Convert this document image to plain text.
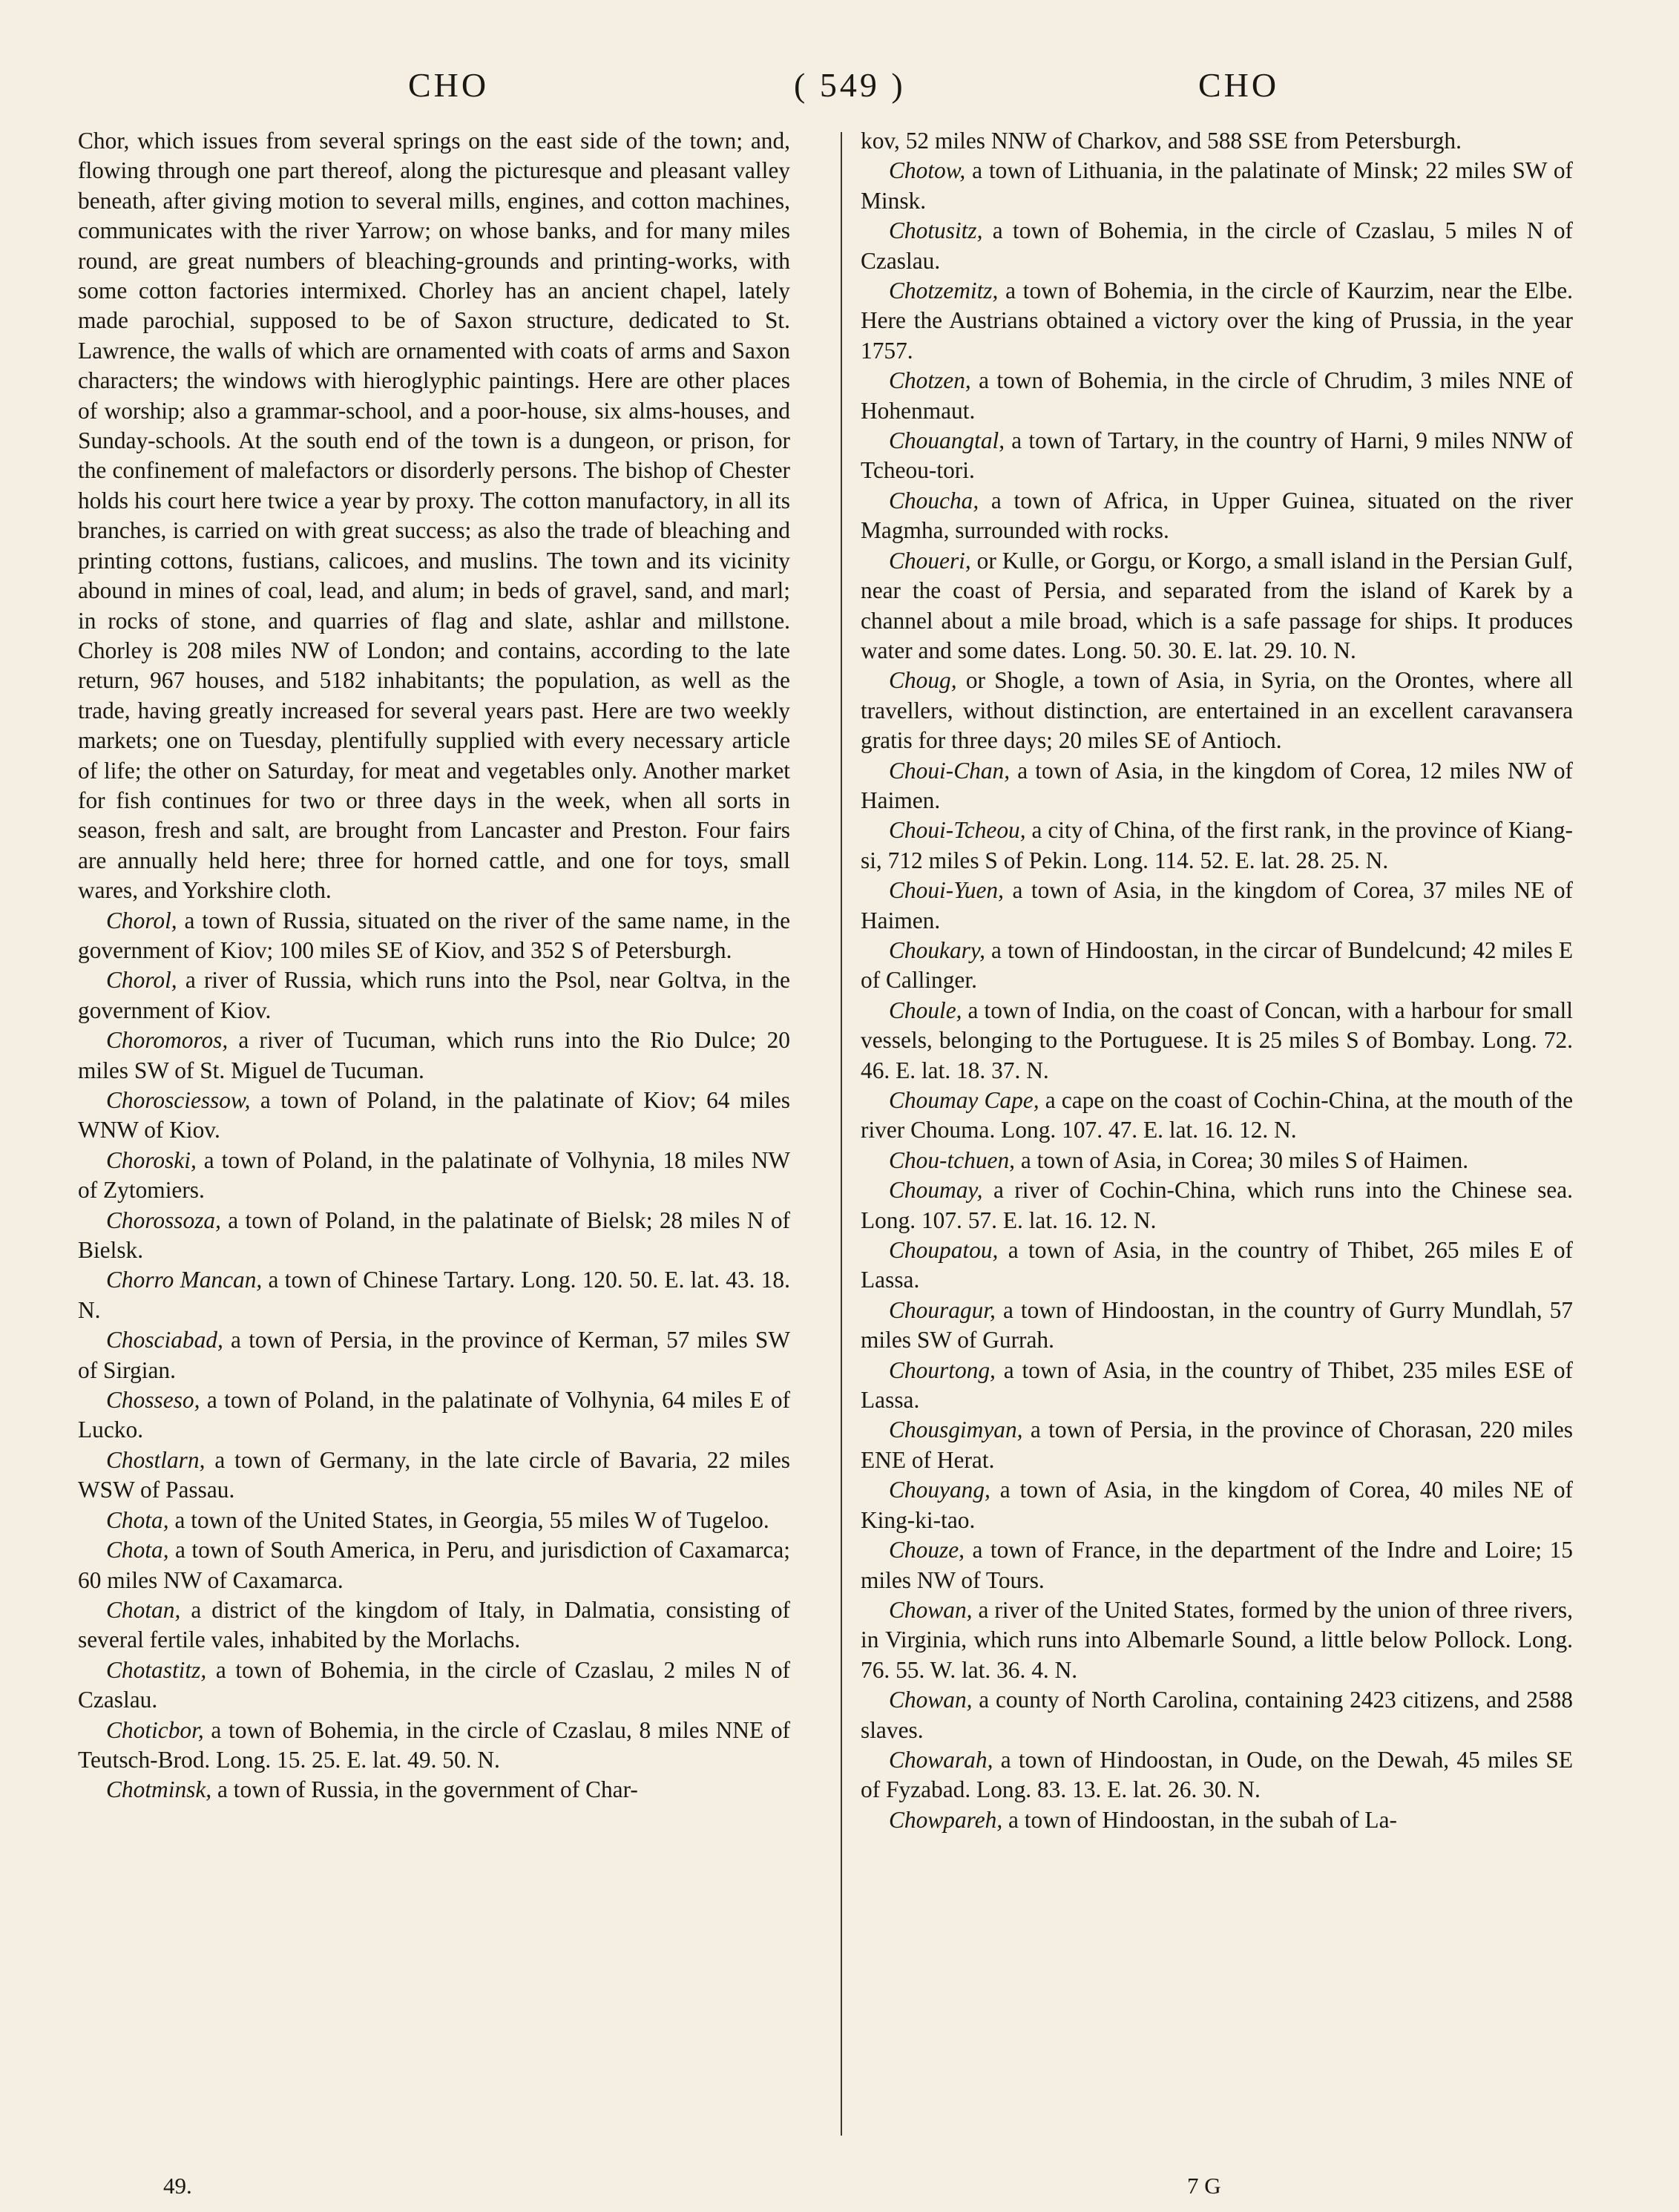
CHO	( 549 )	CHO

Chor, which issues from several springs on the east side of the town; and, flowing through one part thereof, along the picturesque and pleasant valley beneath, after giving motion to several mills, engines, and cotton machines, communicates with the river Yarrow; on whose banks, and for many miles round, are great numbers of bleaching-grounds and printing-works, with some cotton factories intermixed. Chorley has an ancient chapel, lately made parochial, supposed to be of Saxon structure, dedicated to St. Lawrence, the walls of which are ornamented with coats of arms and Saxon characters; the windows with hieroglyphic paintings. Here are other places of worship; also a grammar-school, and a poor-house, six alms-houses, and Sunday-schools. At the south end of the town is a dungeon, or prison, for the confinement of malefactors or disorderly persons. The bishop of Chester holds his court here twice a year by proxy. The cotton manufactory, in all its branches, is carried on with great success; as also the trade of bleaching and printing cottons, fustians, calicoes, and muslins. The town and its vicinity abound in mines of coal, lead, and alum; in beds of gravel, sand, and marl; in rocks of stone, and quarries of flag and slate, ashlar and millstone. Chorley is 208 miles NW of London; and contains, according to the late return, 967 houses, and 5182 inhabitants; the population, as well as the trade, having greatly increased for several years past. Here are two weekly markets; one on Tuesday, plentifully supplied with every necessary article of life; the other on Saturday, for meat and vegetables only. Another market for fish continues for two or three days in the week, when all sorts in season, fresh and salt, are brought from Lancaster and Preston. Four fairs are annually held here; three for horned cattle, and one for toys, small wares, and Yorkshire cloth.

Chorol, a town of Russia, situated on the river of the same name, in the government of Kiov; 100 miles SE of Kiov, and 352 S of Petersburgh.

Chorol, a river of Russia, which runs into the Psol, near Goltva, in the government of Kiov.

Choromoros, a river of Tucuman, which runs into the Rio Dulce; 20 miles SW of St. Miguel de Tucuman.

Chorosciessow, a town of Poland, in the palatinate of Kiov; 64 miles WNW of Kiov.

Choroski, a town of Poland, in the palatinate of Volhynia, 18 miles NW of Zytomiers.

Chorossoza, a town of Poland, in the palatinate of Bielsk; 28 miles N of Bielsk.

Chorro Mancan, a town of Chinese Tartary. Long. 120. 50. E. lat. 43. 18. N.

Chosciabad, a town of Persia, in the province of Kerman, 57 miles SW of Sirgian.

Chosseso, a town of Poland, in the palatinate of Volhynia, 64 miles E of Lucko.

Chostlarn, a town of Germany, in the late circle of Bavaria, 22 miles WSW of Passau.

Chota, a town of the United States, in Georgia, 55 miles W of Tugeloo.

Chota, a town of South America, in Peru, and jurisdiction of Caxamarca; 60 miles NW of Caxamarca.

Chotan, a district of the kingdom of Italy, in Dalmatia, consisting of several fertile vales, inhabited by the Morlachs.

Chotastitz, a town of Bohemia, in the circle of Czaslau, 2 miles N of Czaslau.

Choticbor, a town of Bohemia, in the circle of Czaslau, 8 miles NNE of Teutsch-Brod. Long. 15. 25. E. lat. 49. 50. N.

Chotminsk, a town of Russia, in the government of Char-

kov, 52 miles NNW of Charkov, and 588 SSE from Petersburgh.

Chotow, a town of Lithuania, in the palatinate of Minsk; 22 miles SW of Minsk.

Chotusitz, a town of Bohemia, in the circle of Czaslau, 5 miles N of Czaslau.

Chotzemitz, a town of Bohemia, in the circle of Kaurzim, near the Elbe. Here the Austrians obtained a victory over the king of Prussia, in the year 1757.

Chotzen, a town of Bohemia, in the circle of Chrudim, 3 miles NNE of Hohenmaut.

Chouangtal, a town of Tartary, in the country of Harni, 9 miles NNW of Tcheou-tori.

Choucha, a town of Africa, in Upper Guinea, situated on the river Magmha, surrounded with rocks.

Choueri, or Kulle, or Gorgu, or Korgo, a small island in the Persian Gulf, near the coast of Persia, and separated from the island of Karek by a channel about a mile broad, which is a safe passage for ships. It produces water and some dates. Long. 50. 30. E. lat. 29. 10. N.

Choug, or Shogle, a town of Asia, in Syria, on the Orontes, where all travellers, without distinction, are entertained in an excellent caravansera gratis for three days; 20 miles SE of Antioch.

Choui-Chan, a town of Asia, in the kingdom of Corea, 12 miles NW of Haimen.

Choui-Tcheou, a city of China, of the first rank, in the province of Kiang-si, 712 miles S of Pekin. Long. 114. 52. E. lat. 28. 25. N.

Choui-Yuen, a town of Asia, in the kingdom of Corea, 37 miles NE of Haimen.

Choukary, a town of Hindoostan, in the circar of Bundelcund; 42 miles E of Callinger.

Choule, a town of India, on the coast of Concan, with a harbour for small vessels, belonging to the Portuguese. It is 25 miles S of Bombay. Long. 72. 46. E. lat. 18. 37. N.

Choumay Cape, a cape on the coast of Cochin-China, at the mouth of the river Chouma. Long. 107. 47. E. lat. 16. 12. N.

Chou-tchuen, a town of Asia, in Corea; 30 miles S of Haimen.

Choumay, a river of Cochin-China, which runs into the Chinese sea. Long. 107. 57. E. lat. 16. 12. N.

Choupatou, a town of Asia, in the country of Thibet, 265 miles E of Lassa.

Chouragur, a town of Hindoostan, in the country of Gurry Mundlah, 57 miles SW of Gurrah.

Chourtong, a town of Asia, in the country of Thibet, 235 miles ESE of Lassa.

Chousgimyan, a town of Persia, in the province of Chorasan, 220 miles ENE of Herat.

Chouyang, a town of Asia, in the kingdom of Corea, 40 miles NE of King-ki-tao.

Chouze, a town of France, in the department of the Indre and Loire; 15 miles NW of Tours.

Chowan, a river of the United States, formed by the union of three rivers, in Virginia, which runs into Albemarle Sound, a little below Pollock. Long. 76. 55. W. lat. 36. 4. N.

Chowan, a county of North Carolina, containing 2423 citizens, and 2588 slaves.

Chowarah, a town of Hindoostan, in Oude, on the Dewah, 45 miles SE of Fyzabad. Long. 83. 13. E. lat. 26. 30. N.

Chowpareh, a town of Hindoostan, in the subah of La-

49.	7 G
